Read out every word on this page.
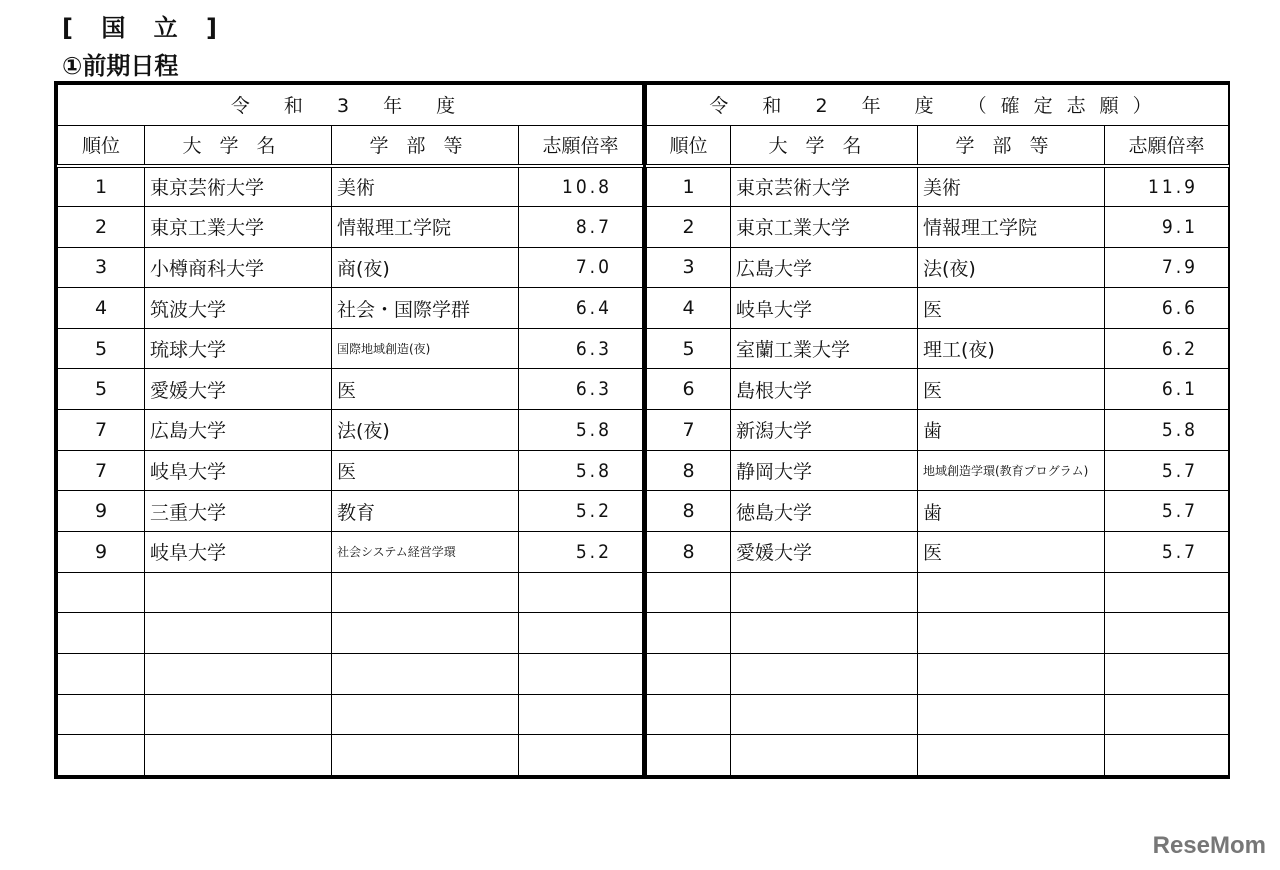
[ 国 立 ]
①前期日程
令 和 3 年 度			
順位	大学名	学部等	志願倍率
1	東京芸術大学	美術	10.8
2	東京工業大学	情報理工学院	8.7
3	小樽商科大学	商(夜)	7.0
4	筑波大学	社会・国際学群	6.4
5	琉球大学	国際地域創造(夜)	6.3
5	愛媛大学	医	6.3
7	広島大学	法(夜)	5.8
7	岐阜大学	医	5.8
9	三重大学	教育	5.2
9	岐阜大学	社会システム経営学環	5.2

令 和 2 年 度 （確定志願）			
順位	大学名	学部等	志願倍率
1	東京芸術大学	美術	11.9
2	東京工業大学	情報理工学院	9.1
3	広島大学	法(夜)	7.9
4	岐阜大学	医	6.6
5	室蘭工業大学	理工(夜)	6.2
6	島根大学	医	6.1
7	新潟大学	歯	5.8
8	静岡大学	地域創造学環(教育プログラム)	5.7
8	徳島大学	歯	5.7
8	愛媛大学	医	5.7

ReseMom
